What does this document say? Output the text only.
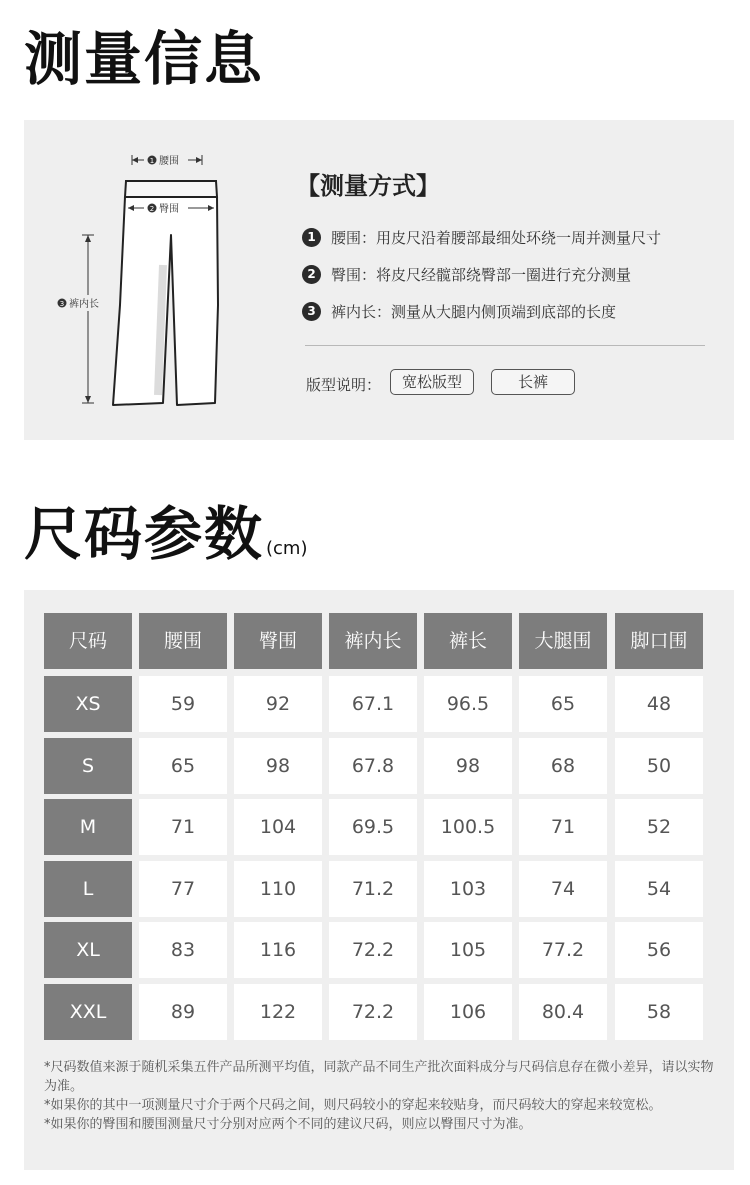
测量信息
1 腰围
2 臀围
3 裤内长
【测量方式】
1	腰围：用皮尺沿着腰部最细处环绕一周并测量尺寸
2	臀围：将皮尺经髋部绕臀部一圈进行充分测量
3	裤内长：测量从大腿内侧顶端到底部的长度
版型说明：	宽松版型	长裤
尺码参数 (cm)
尺码	腰围	臀围	裤内长	裤长	大腿围	脚口围
XS	59	92	67.1	96.5	65	48
S	65	98	67.8	98	68	50
M	71	104	69.5	100.5	71	52
L	77	110	71.2	103	74	54
XL	83	116	72.2	105	77.2	56
XXL	89	122	72.2	106	80.4	58

*尺码数值来源于随机采集五件产品所测平均值，同款产品不同生产批次面料成分与尺码信息存在微小差异，请以实物为准。

*如果你的其中一项测量尺寸介于两个尺码之间，则尺码较小的穿起来较贴身，而尺码较大的穿起来较宽松。

*如果你的臀围和腰围测量尺寸分别对应两个不同的建议尺码，则应以臀围尺寸为准。
